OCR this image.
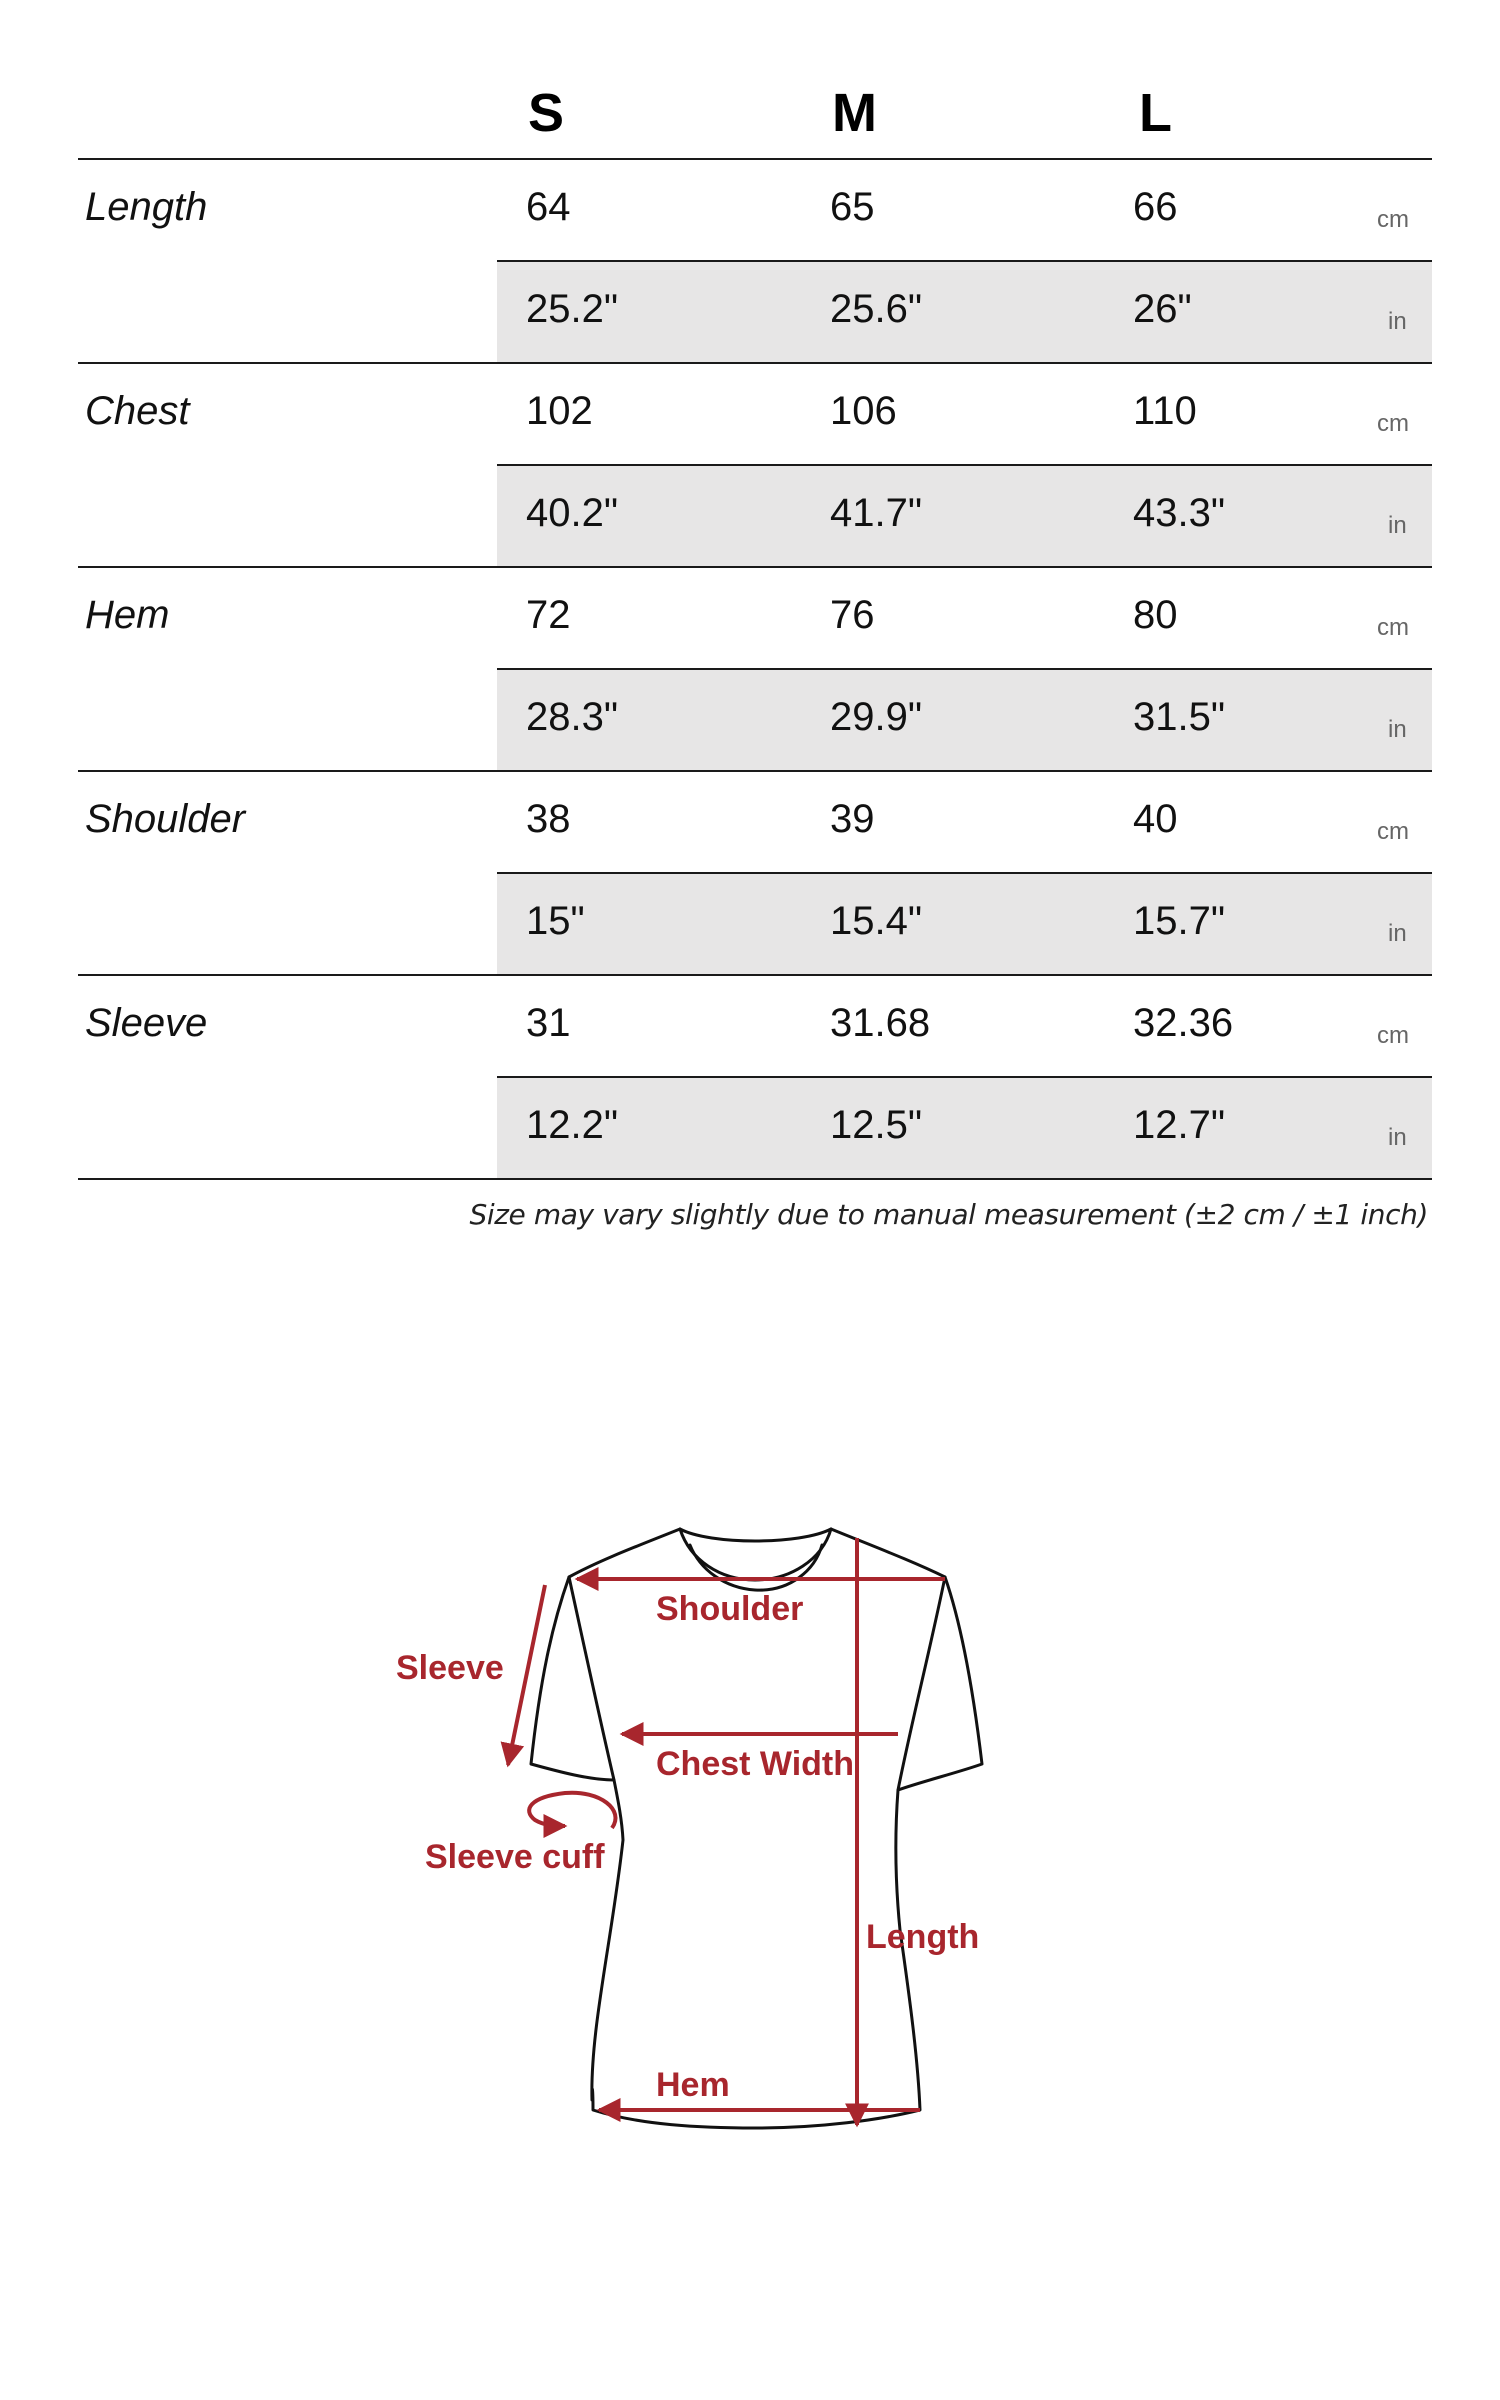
S	M	L
Length	64	65	66	cm
25.2"	25.6"	26"	in
Chest	102	106	110	cm
40.2"	41.7"	43.3"	in
Hem	72	76	80	cm
28.3"	29.9"	31.5"	in
Shoulder	38	39	40	cm
15"	15.4"	15.7"	in
Sleeve	31	31.68	32.36	cm
12.2"	12.5"	12.7"	in
Size may vary slightly due to manual measurement (±2 cm / ±1 inch)
Shoulder
Sleeve
Chest Width
Sleeve cuff
Length
Hem
